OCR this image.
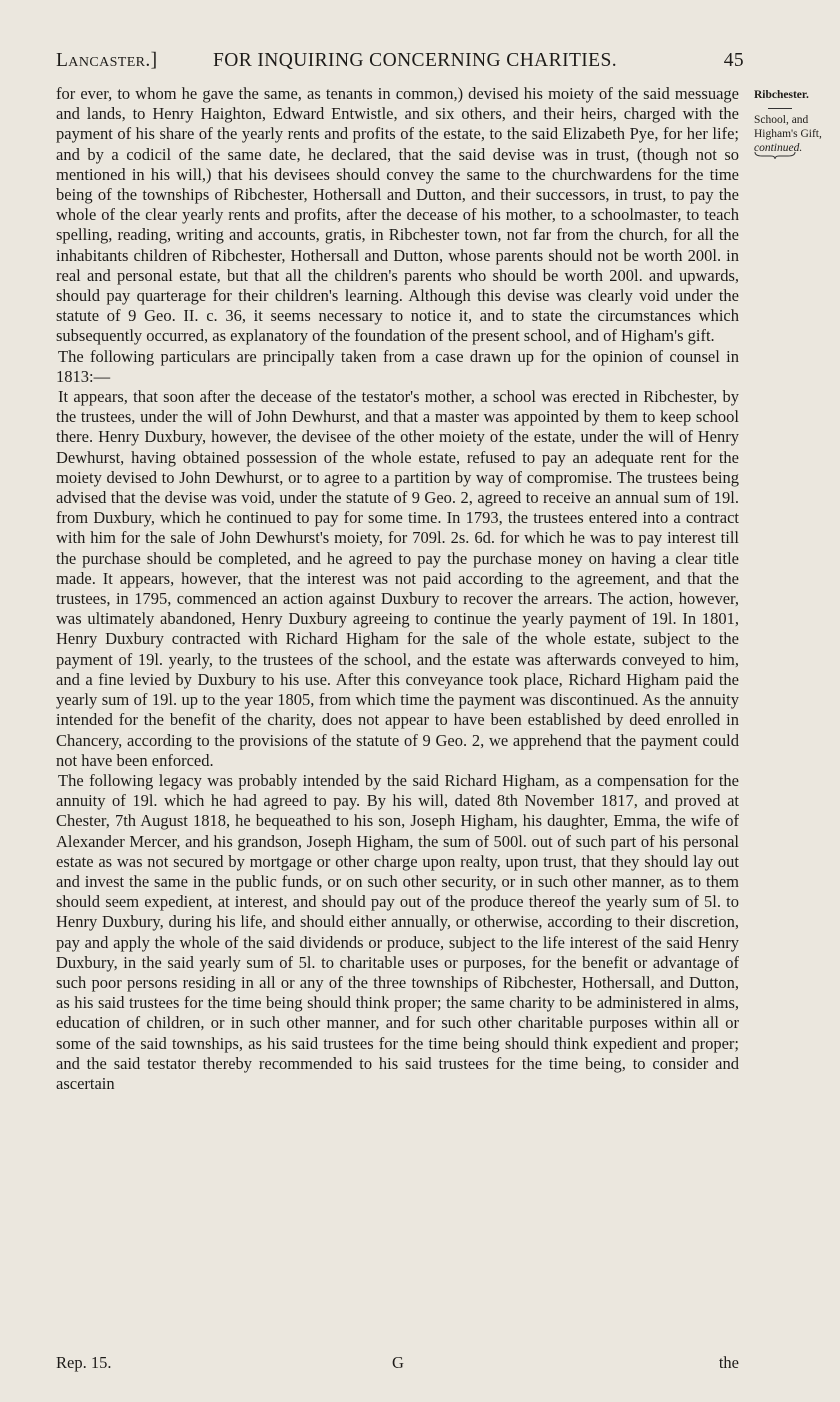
Lancaster.]	FOR INQUIRING CONCERNING CHARITIES.	45

for ever, to whom he gave the same, as tenants in common,) devised his moiety of the said messuage and lands, to Henry Haighton, Edward Entwistle, and six others, and their heirs, charged with the payment of his share of the yearly rents and profits of the estate, to the said Elizabeth Pye, for her life; and by a codicil of the same date, he declared, that the said devise was in trust, (though not so mentioned in his will,) that his devisees should convey the same to the churchwardens for the time being of the townships of Ribchester, Hothersall and Dutton, and their successors, in trust, to pay the whole of the clear yearly rents and profits, after the decease of his mother, to a schoolmaster, to teach spelling, reading, writing and accounts, gratis, in Ribchester town, not far from the church, for all the inhabitants children of Ribchester, Hothersall and Dutton, whose parents should not be worth 200l. in real and personal estate, but that all the children's parents who should be worth 200l. and upwards, should pay quarterage for their children's learning. Although this devise was clearly void under the statute of 9 Geo. II. c. 36, it seems necessary to notice it, and to state the circumstances which subsequently occurred, as explanatory of the foundation of the present school, and of Higham's gift.

The following particulars are principally taken from a case drawn up for the opinion of counsel in 1813:—

It appears, that soon after the decease of the testator's mother, a school was erected in Ribchester, by the trustees, under the will of John Dewhurst, and that a master was appointed by them to keep school there. Henry Duxbury, however, the devisee of the other moiety of the estate, under the will of Henry Dewhurst, having obtained possession of the whole estate, refused to pay an adequate rent for the moiety devised to John Dewhurst, or to agree to a partition by way of compromise. The trustees being advised that the devise was void, under the statute of 9 Geo. 2, agreed to receive an annual sum of 19l. from Duxbury, which he continued to pay for some time. In 1793, the trustees entered into a contract with him for the sale of John Dewhurst's moiety, for 709l. 2s. 6d. for which he was to pay interest till the purchase should be completed, and he agreed to pay the purchase money on having a clear title made. It appears, however, that the interest was not paid according to the agreement, and that the trustees, in 1795, commenced an action against Duxbury to recover the arrears. The action, however, was ultimately abandoned, Henry Duxbury agreeing to continue the yearly payment of 19l. In 1801, Henry Duxbury contracted with Richard Higham for the sale of the whole estate, subject to the payment of 19l. yearly, to the trustees of the school, and the estate was afterwards conveyed to him, and a fine levied by Duxbury to his use. After this conveyance took place, Richard Higham paid the yearly sum of 19l. up to the year 1805, from which time the payment was discontinued. As the annuity intended for the benefit of the charity, does not appear to have been established by deed enrolled in Chancery, according to the provisions of the statute of 9 Geo. 2, we apprehend that the payment could not have been enforced.

The following legacy was probably intended by the said Richard Higham, as a compensation for the annuity of 19l. which he had agreed to pay. By his will, dated 8th November 1817, and proved at Chester, 7th August 1818, he bequeathed to his son, Joseph Higham, his daughter, Emma, the wife of Alexander Mercer, and his grandson, Joseph Higham, the sum of 500l. out of such part of his personal estate as was not secured by mortgage or other charge upon realty, upon trust, that they should lay out and invest the same in the public funds, or on such other security, or in such other manner, as to them should seem expedient, at interest, and should pay out of the produce thereof the yearly sum of 5l. to Henry Duxbury, during his life, and should either annually, or otherwise, according to their discretion, pay and apply the whole of the said dividends or produce, subject to the life interest of the said Henry Duxbury, in the said yearly sum of 5l. to charitable uses or purposes, for the benefit or advantage of such poor persons residing in all or any of the three townships of Ribchester, Hothersall, and Dutton, as his said trustees for the time being should think proper; the same charity to be administered in alms, education of children, or in such other manner, and for such other charitable purposes within all or some of the said townships, as his said trustees for the time being should think expedient and proper; and the said testator thereby recommended to his said trustees for the time being, to consider and ascertain

Ribchester.
School, and Higham's Gift,
continued.
Rep. 15.	G	the
